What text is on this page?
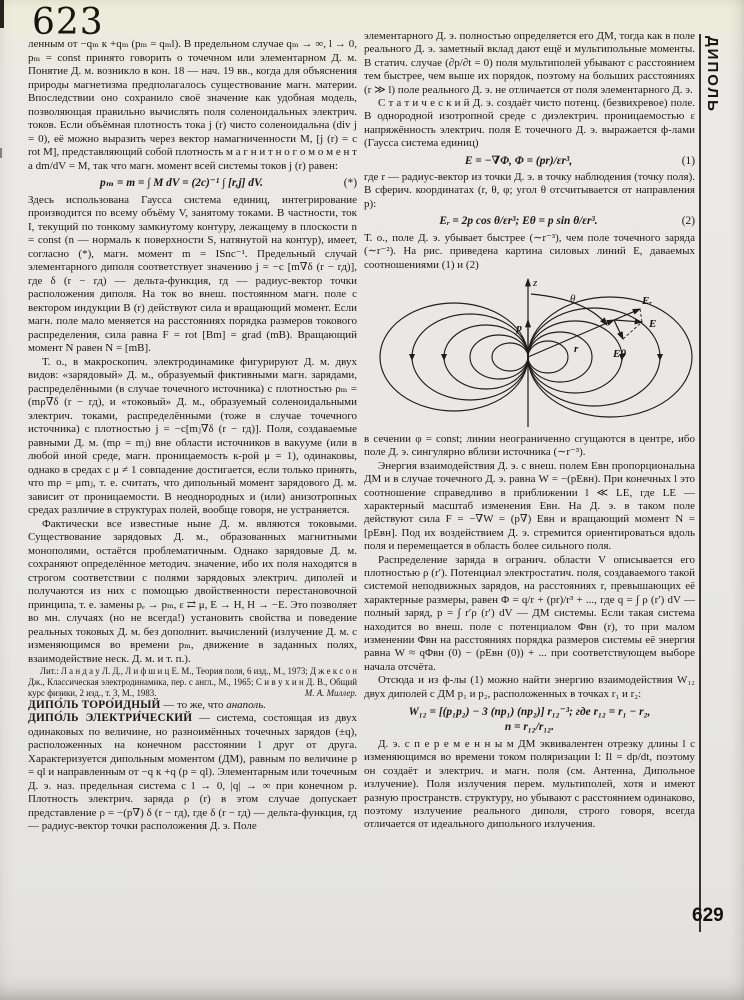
623

ленным от −qₘ к +qₘ (pₘ = qₘl). В предельном случае qₘ → ∞, l → 0, pₘ = const принято говорить о точечном или элементарном Д. м. Понятие Д. м. возникло в кон. 18 — нач. 19 вв., когда для объяснения природы магнетизма предполагалось существование магн. материи. Впоследствии оно сохранило своё значение как удобная модель, позволяющая правильно вычислять поля соленоидальных электрич. токов. Если объёмная плотность тока j (r) чисто соленоидальна (div j = 0), её можно выразить через вектор намагниченности M, [j (r) = c rot M], представляющий собой плотность м а г н и т н о г о м о м е н т а dm/dV = M, так что магн. момент всей системы токов j (r) равен:

pₘ = m = ∫ M dV = (2c)⁻¹ ∫ [r,j] dV.	(*)

Здесь использована Гаусса система единиц, интегрирование производится по всему объёму V, занятому токами. В частности, ток I, текущий по тонкому замкнутому контуру, лежащему в плоскости n = const (n — нормаль к поверхности S, натянутой на контур), имеет, согласно (*), магн. момент m = ISnc⁻¹. Предельный случай элементарного диполя соответствует значению j = −c [m∇δ (r − rд)], где δ (r − rд) — дельта-функция, rд — радиус-вектор точки расположения диполя. На ток во внеш. постоянном магн. поле с вектором индукции B (r) действуют сила и вращающий момент. Если магн. поле мало меняется на расстояниях порядка размеров токового распределения, сила равна F = rot [Bm] = grad (mB). Вращающий момент N равен N = [mB].

Т. о., в макроскопич. электродинамике фигурируют Д. м. двух видов: «зарядовый» Д. м., образуемый фиктивными магн. зарядами, распределёнными (в случае точечного источника) с плотностью ρₘ = (mρ∇δ (r − rд), и «токовый» Д. м., образуемый соленоидальными электрич. токами, распределёнными (тоже в случае точечного источника) с плотностью j = −c[mⱼ∇δ (r − rд)]. Поля, создаваемые равными Д. м. (mρ = mⱼ) вне области источников в вакууме (или в любой иной среде, магн. проницаемость к-рой μ = 1), одинаковы, однако в средах с μ ≠ 1 совпадение достигается, если только принять, что mρ = μmⱼ, т. е. считать, что дипольный момент зарядового Д. м. зависит от проницаемости. В неоднородных и (или) анизотропных средах различие в структурах полей, вообще говоря, не устраняется.

Фактически все известные ныне Д. м. являются токовыми. Существование зарядовых Д. м., образованных магнитными монополями, остаётся проблематичным. Однако зарядовые Д. м. сохраняют определённое методич. значение, ибо их поля находятся в строгом соответствии с полями зарядовых электрич. диполей и получаются из них с помощью двойственности перестановочной принципа, т. е. замены pₑ → pₘ, ε ⇄ μ, E → H, H → −E. Это позволяет во мн. случаях (но не всегда!) установить свойства и поведение реальных токовых Д. м. без дополнит. вычислений (излучение Д. м. с изменяющимся во времени pₘ, движение в заданных полях, взаимодействие неск. Д. м. и т. п.).

Лит.: Л а н д а у Л. Д., Л и ф ш и ц Е. М., Теория поля, 6 изд., М., 1973; Д ж е к с о н Дж., Классическая электродинамика, пер. с англ., М., 1965; С и в у х и н Д. В., Общий курс физики, 2 изд., т. 3, М., 1983.	М. А. Миллер.

ДИПО́ЛЬ ТОРО́ИДНЫЙ — то же, что анаполь.

ДИПО́ЛЬ ЭЛЕКТРИ́ЧЕСКИЙ — система, состоящая из двух одинаковых по величине, но разноимённых точечных зарядов (±q), расположенных на конечном расстоянии l друг от друга. Характеризуется дипольным моментом (ДМ), равным по величине p = ql и направленным от −q к +q (p = ql). Элементарным или точечным Д. э. наз. предельная система с l → 0, |q| → ∞ при конечном p. Плотность электрич. заряда ρ (r) в этом случае допускает представление ρ = −(p∇) δ (r − rд), где δ (r − rд) — дельта-функция, rд — радиус-вектор точки расположения Д. э. Поле

элементарного Д. э. полностью определяется его ДМ, тогда как в поле реального Д. э. заметный вклад дают ещё и мультипольные моменты. В статич. случае (∂p/∂t = 0) поля мультиполей убывают с расстоянием тем быстрее, чем выше их порядок, поэтому на больших расстояниях (r ≫ l) поле реального Д. э. не отличается от поля элементарного Д. э.

С т а т и ч е с к и й Д. э. создаёт чисто потенц. (безвихревое) поле. В однородной изотропной среде с диэлектрич. проницаемостью ε напряжённость электрич. поля E точечного Д. э. выражается ф-лами (Гаусса система единиц)

E = −∇Φ, Φ = (pr)/εr³,	(1)

где r — радиус-вектор из точки Д. э. в точку наблюдения (точку поля). В сферич. координатах (r, θ, φ; угол θ отсчитывается от направления p):

Eᵣ = 2p cos θ/εr³; Eθ = p sin θ/εr³.	(2)

Т. о., поле Д. э. убывает быстрее (∼r⁻³), чем поле точечного заряда (∼r⁻²). На рис. приведена картина силовых линий E, даваемых соотношениями (1) и (2)

z
p
θ
r
Eᵣ
E
Eθ

в сечении φ = const; линии неограниченно сгущаются в центре, ибо поле Д. э. сингулярно вблизи источника (∼r⁻³).

Энергия взаимодействия Д. э. с внеш. полем Eвн пропорциональна ДМ и в случае точечного Д. э. равна W = −(pEвн). При конечных l это соотношение справедливо в приближении l ≪ LE, где LE — характерный масштаб изменения Eвн. На Д. э. в таком поле действуют сила F = −∇W = (p∇) Eвн и вращающий момент N = [pEвн]. Под их воздействием Д. э. стремится ориентироваться вдоль поля и перемещается в область более сильного поля.

Распределение заряда в огранич. области V описывается его плотностью ρ (r′). Потенциал электростатич. поля, создаваемого такой системой неподвижных зарядов, на расстояниях r, превышающих её характерные размеры, равен Φ = q/r + (pr)/r³ + ..., где q = ∫ ρ (r′) dV — полный заряд, p = ∫ r′ρ (r′) dV — ДМ системы. Если такая система находится во внеш. поле с потенциалом Φвн (r), то при малом изменении Φвн на расстояниях порядка размеров системы её энергия равна W ≈ qΦвн (0) − (pEвн (0)) + ... при соответствующем выборе начала отсчёта.

Отсюда и из ф-лы (1) можно найти энергию взаимодействия W₁₂ двух диполей с ДМ p₁ и p₂, расположенных в точках r₁ и r₂:

W₁₂ = [(p₁p₂) − 3 (np₁) (np₂)] r₁₂⁻³; где r₁₂ = r₁ − r₂,
n = r₁₂/r₁₂.

Д. э. с п е р е м е н н ы м ДМ эквивалентен отрезку длины l с изменяющимся во времени током поляризации I: Il = dp/dt, поэтому он создаёт и электрич. и магн. поля (см. Антенна, Дипольное излучение). Поля излучения перем. мультиполей, хотя и имеют разную пространств. структуру, но убывают с расстоянием одинаково, поэтому излучение реального диполя, строго говоря, всегда отличается от идеального дипольного излучения.

ДИПОЛЬ
629
